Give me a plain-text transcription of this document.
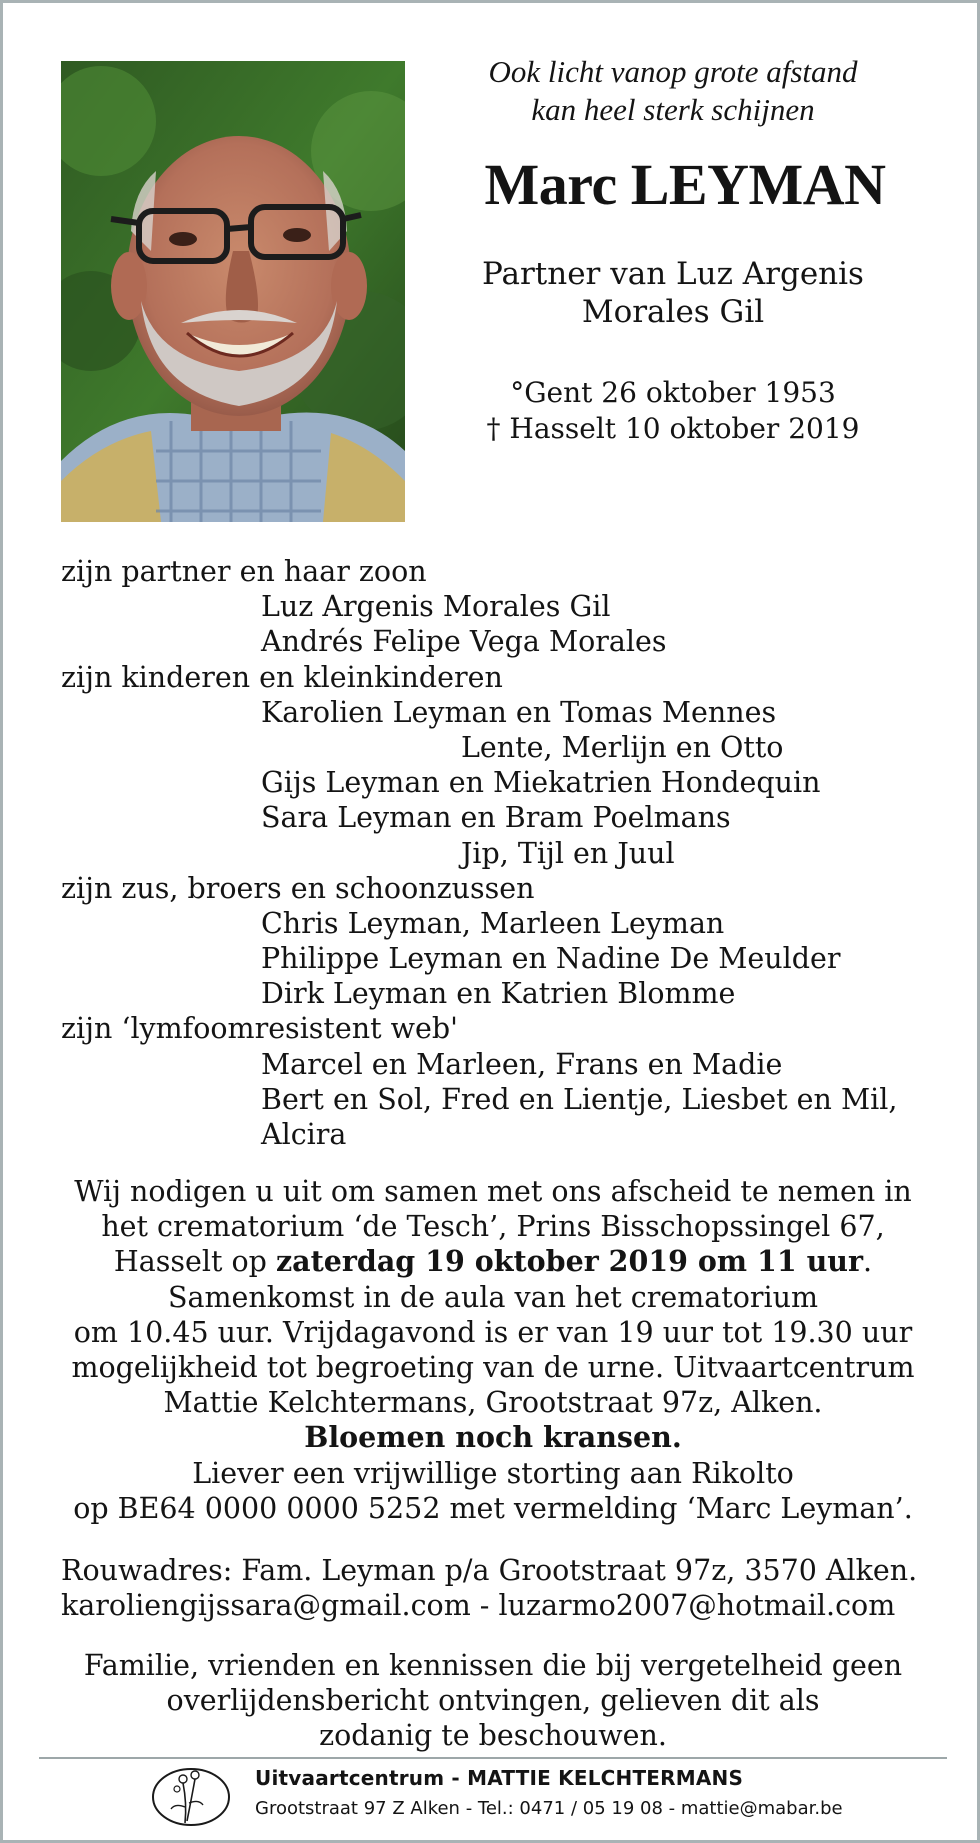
Ook licht vanop grote afstand
kan heel sterk schijnen
Marc LEYMAN
Partner van Luz Argenis
Morales Gil
°Gent 26 oktober 1953
† Hasselt 10 oktober 2019
zijn partner en haar zoon
Luz Argenis Morales Gil
Andrés Felipe Vega Morales
zijn kinderen en kleinkinderen
Karolien Leyman en Tomas Mennes
Lente, Merlijn en Otto
Gijs Leyman en Miekatrien Hondequin
Sara Leyman en Bram Poelmans
Jip, Tijl en Juul
zijn zus, broers en schoonzussen
Chris Leyman, Marleen Leyman
Philippe Leyman en Nadine De Meulder
Dirk Leyman en Katrien Blomme
zijn ‘lymfoomresistent web'
Marcel en Marleen, Frans en Madie
Bert en Sol, Fred en Lientje, Liesbet en Mil,
Alcira
Wij nodigen u uit om samen met ons afscheid te nemen in
het crematorium ‘de Tesch’, Prins Bisschopssingel 67,
Hasselt op zaterdag 19 oktober 2019 om 11 uur.
Samenkomst in de aula van het crematorium
om 10.45 uur. Vrijdagavond is er van 19 uur tot 19.30 uur
mogelijkheid tot begroeting van de urne. Uitvaartcentrum
Mattie Kelchtermans, Grootstraat 97z, Alken.
Bloemen noch kransen.
Liever een vrijwillige storting aan Rikolto
op BE64 0000 0000 5252 met vermelding ‘Marc Leyman’.
Rouwadres: Fam. Leyman p/a Grootstraat 97z, 3570 Alken.
karoliengijssara@gmail.com - luzarmo2007@hotmail.com
Familie, vrienden en kennissen die bij vergetelheid geen
overlijdensbericht ontvingen, gelieven dit als
zodanig te beschouwen.
Uitvaartcentrum - MATTIE KELCHTERMANS
Grootstraat 97 Z Alken - Tel.: 0471 / 05 19 08 - mattie@mabar.be
